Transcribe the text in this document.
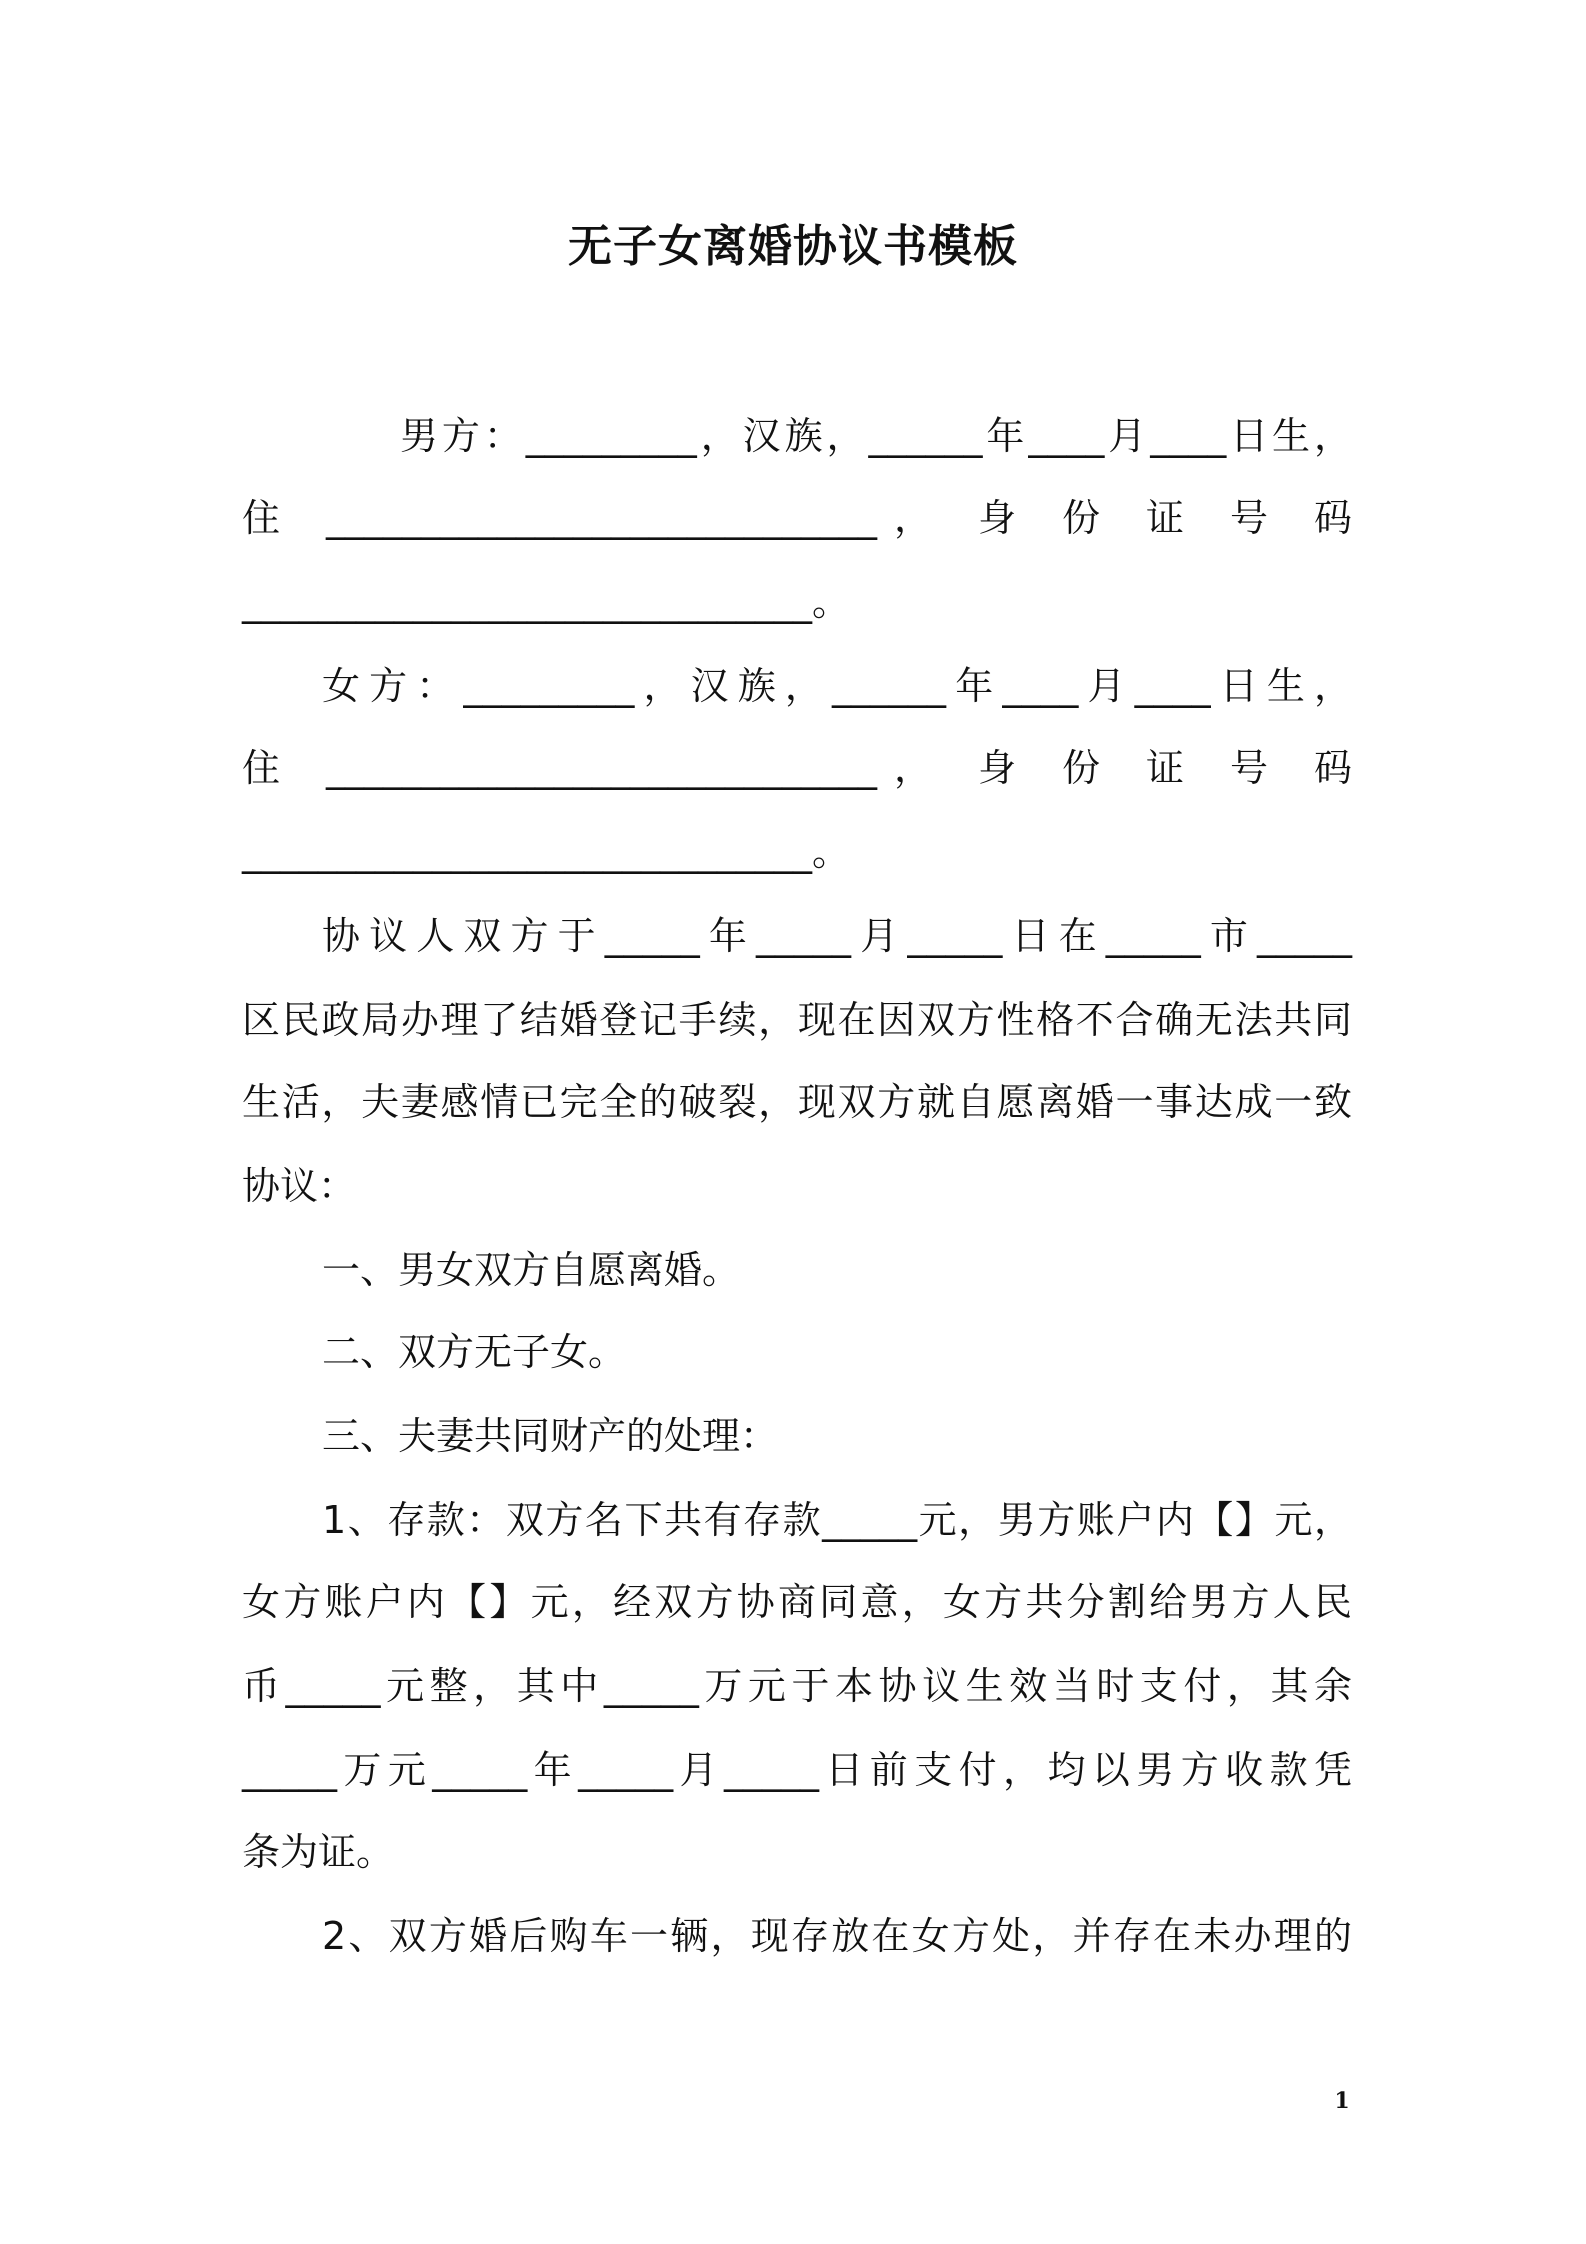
无子女离婚协议书模板
男方：_________，汉族，______年____月____日生，
住 _____________________________， 身 份 证 号 码
______________________________。
女方：_________，汉族，______年____月____日生，
住 _____________________________， 身 份 证 号 码
______________________________。
协议人双方于_____年_____月_____日在_____市_____
区民政局办理了结婚登记手续，现在因双方性格不合确无法共同
生活，夫妻感情已完全的破裂，现双方就自愿离婚一事达成一致
协议：
一、男女双方自愿离婚。
二、双方无子女。
三、夫妻共同财产的处理：
1、存款：双方名下共有存款_____元，男方账户内【】元，
女方账户内【】元，经双方协商同意，女方共分割给男方人民
币_____元整，其中_____万元于本协议生效当时支付，其余
_____万元_____年_____月_____日前支付，均以男方收款凭
条为证。
2、双方婚后购车一辆，现存放在女方处，并存在未办理的
1
